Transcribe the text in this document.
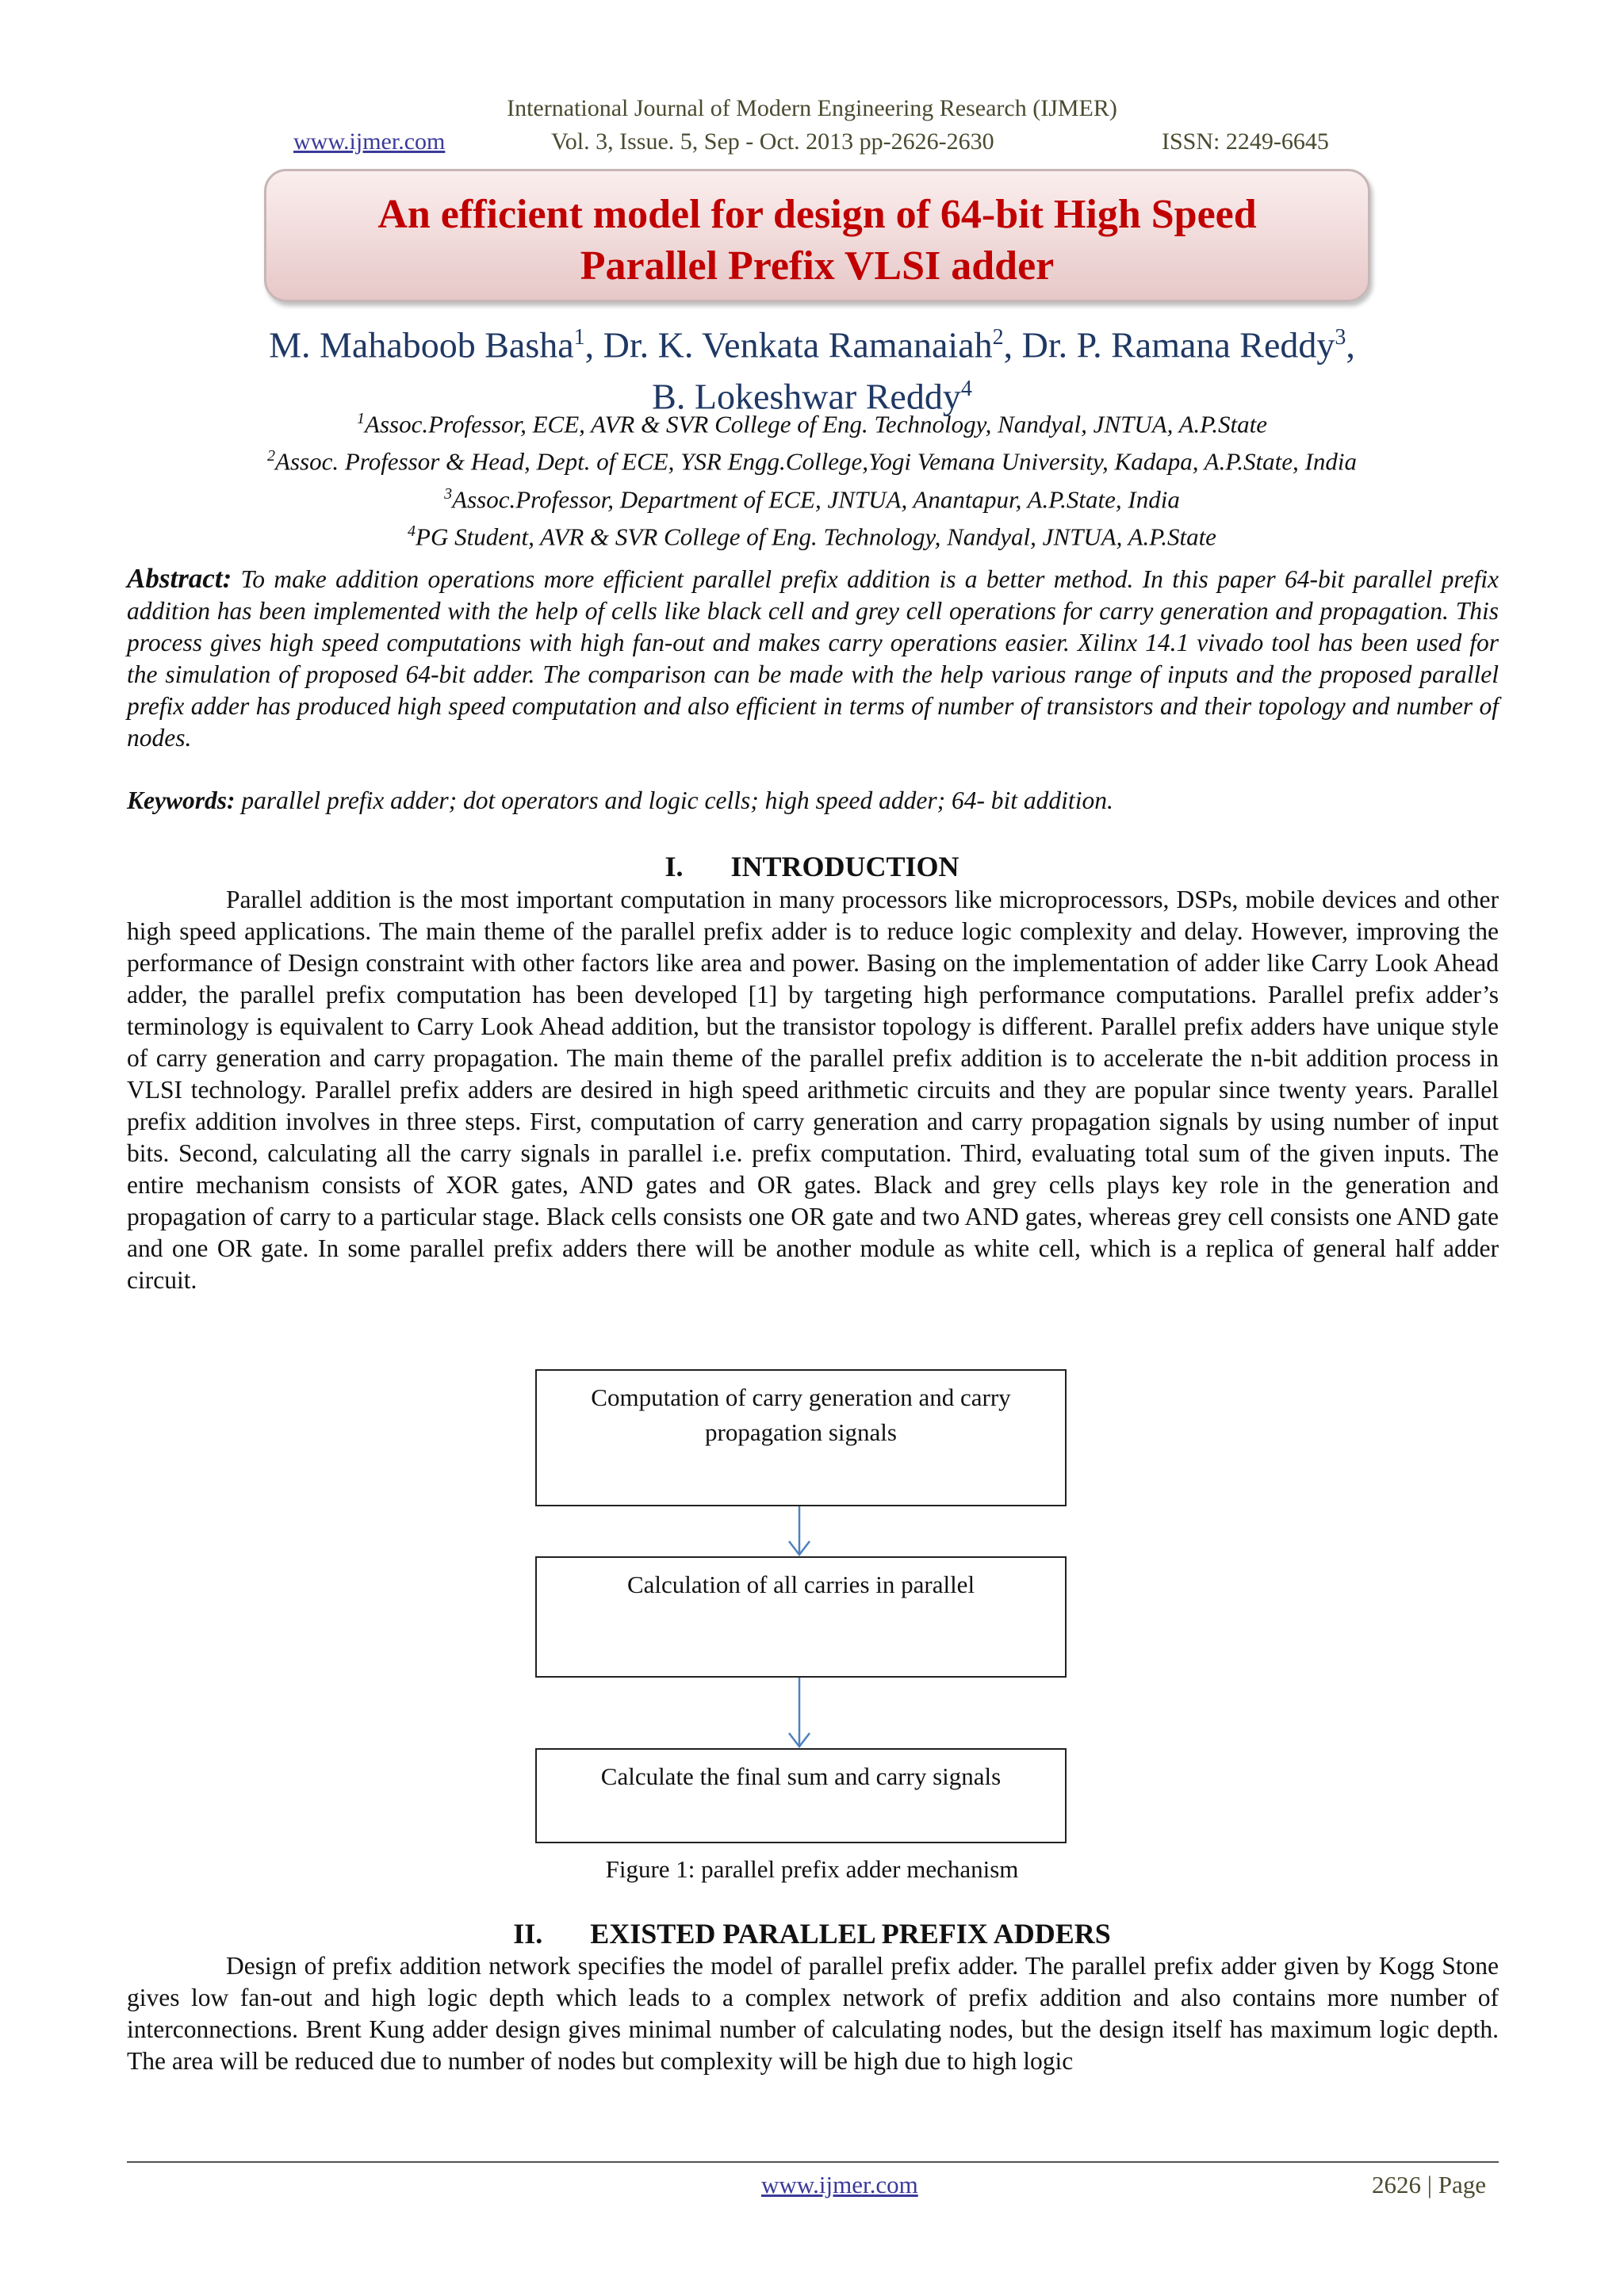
International Journal of Modern Engineering Research (IJMER)
www.ijmer.com	Vol. 3, Issue. 5, Sep - Oct. 2013 pp-2626-2630	ISSN: 2249-6645
An efficient model for design of 64-bit High Speed
Parallel Prefix VLSI adder
M. Mahaboob Basha$^1$, Dr. K. Venkata Ramanaiah$^2$, Dr. P. Ramana Reddy$^3$,
B. Lokeshwar Reddy$^4$
$^1$Assoc.Professor, ECE, AVR & SVR College of Eng. Technology, Nandyal, JNTUA, A.P.State
$^2$Assoc. Professor & Head, Dept. of ECE, YSR Engg.College,Yogi Vemana University, Kadapa, A.P.State, India
$^3$Assoc.Professor, Department of ECE, JNTUA, Anantapur, A.P.State, India
$^4$PG Student, AVR & SVR College of Eng. Technology, Nandyal, JNTUA, A.P.State
Abstract: To make addition operations more efficient parallel prefix addition is a better method. In this paper 64-bit parallel prefix addition has been implemented with the help of cells like black cell and grey cell operations for carry generation and propagation. This process gives high speed computations with high fan-out and makes carry operations easier. Xilinx 14.1 vivado tool has been used for the simulation of proposed 64-bit adder. The comparison can be made with the help various range of inputs and the proposed parallel prefix adder has produced high speed computation and also efficient in terms of number of transistors and their topology and number of nodes.
Keywords: parallel prefix adder; dot operators and logic cells; high speed adder; 64- bit addition.
I. INTRODUCTION
Parallel addition is the most important computation in many processors like microprocessors, DSPs, mobile devices and other high speed applications. The main theme of the parallel prefix adder is to reduce logic complexity and delay. However, improving the performance of Design constraint with other factors like area and power. Basing on the implementation of adder like Carry Look Ahead adder, the parallel prefix computation has been developed [1] by targeting high performance computations. Parallel prefix adder’s terminology is equivalent to Carry Look Ahead addition, but the transistor topology is different. Parallel prefix adders have unique style of carry generation and carry propagation. The main theme of the parallel prefix addition is to accelerate the n-bit addition process in VLSI technology. Parallel prefix adders are desired in high speed arithmetic circuits and they are popular since twenty years. Parallel prefix addition involves in three steps. First, computation of carry generation and carry propagation signals by using number of input bits. Second, calculating all the carry signals in parallel i.e. prefix computation. Third, evaluating total sum of the given inputs. The entire mechanism consists of XOR gates, AND gates and OR gates. Black and grey cells plays key role in the generation and propagation of carry to a particular stage. Black cells consists one OR gate and two AND gates, whereas grey cell consists one AND gate and one OR gate. In some parallel prefix adders there will be another module as white cell, which is a replica of general half adder circuit.
Computation of carry generation and carry
propagation signals
Calculation of all carries in parallel
Calculate the final sum and carry signals
Figure 1: parallel prefix adder mechanism
II. EXISTED PARALLEL PREFIX ADDERS
Design of prefix addition network specifies the model of parallel prefix adder. The parallel prefix adder given by Kogg Stone gives low fan-out and high logic depth which leads to a complex network of prefix addition and also contains more number of interconnections. Brent Kung adder design gives minimal number of calculating nodes, but the design itself has maximum logic depth. The area will be reduced due to number of nodes but complexity will be high due to high logic
www.ijmer.com	2626 | Page
